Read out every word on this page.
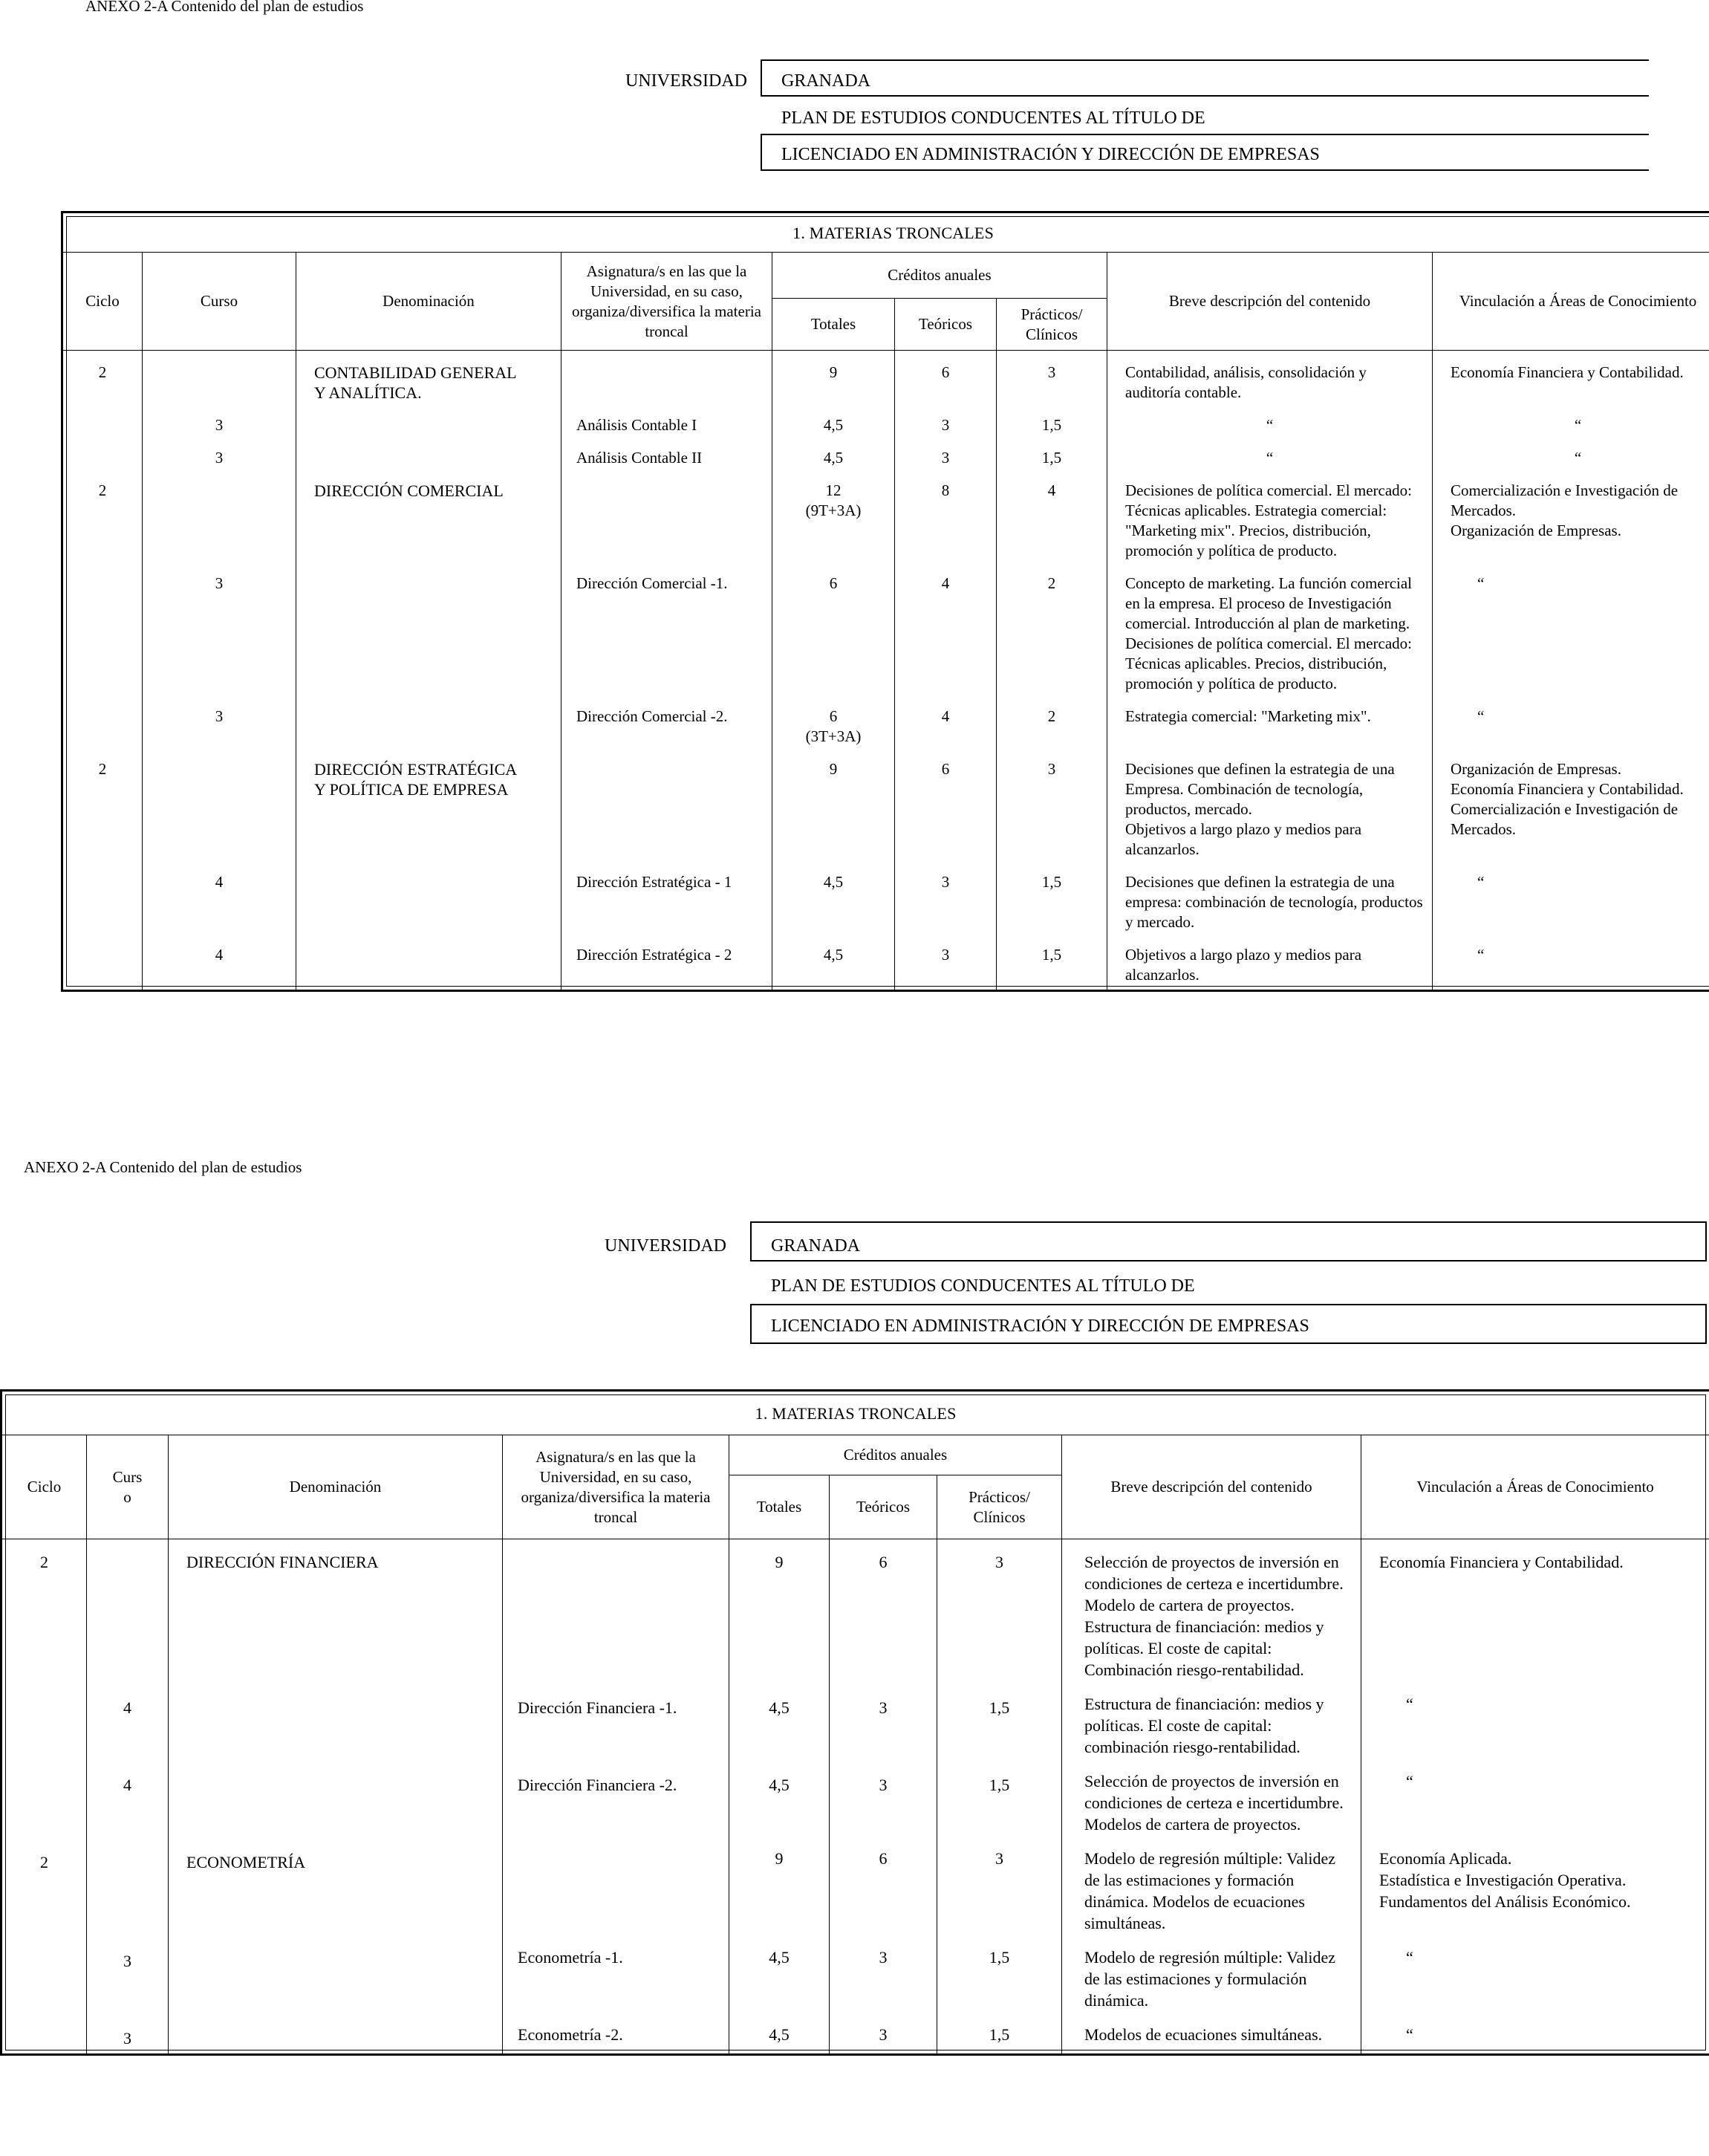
ANEXO 2-A Contenido del plan de estudios
UNIVERSIDAD GRANADA
PLAN DE ESTUDIOS CONDUCENTES AL TÍTULO DE
LICENCIADO EN ADMINISTRACIÓN Y DIRECCIÓN DE EMPRESAS
1. MATERIAS TRONCALES								
Ciclo	Curso	Denominación	Asignatura/s en las que la Universidad, en su caso, organiza/diversifica la materia troncal	Créditos anuales			Breve descripción del contenido	Vinculación a Áreas de Conocimiento
				Totales	Teóricos	Prácticos/
Clínicos		
2		CONTABILIDAD GENERAL
Y ANALÍTICA.		9	6	3	Contabilidad, análisis, consolidación y auditoría contable.	Economía Financiera y Contabilidad.
	3		Análisis Contable I	4,5	3	1,5	“	“
	3		Análisis Contable II	4,5	3	1,5	“	“
2		DIRECCIÓN COMERCIAL		12
(9T+3A)	8	4	Decisiones de política comercial. El mercado: Técnicas aplicables. Estrategia comercial: "Marketing mix". Precios, distribución, promoción y política de producto.	Comercialización e Investigación de Mercados.
Organización de Empresas.
	3		Dirección Comercial -1.	6	4	2	Concepto de marketing. La función comercial en la empresa. El proceso de Investigación comercial. Introducción al plan de marketing. Decisiones de política comercial. El mercado: Técnicas aplicables. Precios, distribución, promoción y política de producto.	“
	3		Dirección Comercial -2.	6
(3T+3A)	4	2	Estrategia comercial: "Marketing mix".	“
2		DIRECCIÓN ESTRATÉGICA
Y POLÍTICA DE EMPRESA		9	6	3	Decisiones que definen la estrategia de una Empresa. Combinación de tecnología, productos, mercado.
Objetivos a largo plazo y medios para alcanzarlos.	Organización de Empresas.
Economía Financiera y Contabilidad.
Comercialización e Investigación de Mercados.
	4		Dirección Estratégica - 1	4,5	3	1,5	Decisiones que definen la estrategia de una empresa: combinación de tecnología, productos y mercado.	“
	4		Dirección Estratégica - 2	4,5	3	1,5	Objetivos a largo plazo y medios para alcanzarlos.	“
ANEXO 2-A Contenido del plan de estudios
UNIVERSIDAD	GRANADA
PLAN DE ESTUDIOS CONDUCENTES AL TÍTULO DE
LICENCIADO EN ADMINISTRACIÓN Y DIRECCIÓN DE EMPRESAS
1. MATERIAS TRONCALES								
Ciclo	Curs
o	Denominación	Asignatura/s en las que la Universidad, en su caso, organiza/diversifica la materia troncal	Créditos anuales			Breve descripción del contenido	Vinculación a Áreas de Conocimiento
				Totales	Teóricos	Prácticos/
Clínicos		
2		DIRECCIÓN FINANCIERA		9	6	3	Selección de proyectos de inversión en condiciones de certeza e incertidumbre. Modelo de cartera de proyectos. Estructura de financiación: medios y políticas. El coste de capital: Combinación riesgo-rentabilidad.	Economía Financiera y Contabilidad.
	4		Dirección Financiera -1.	4,5	3	1,5	Estructura de financiación: medios y políticas. El coste de capital: combinación riesgo-rentabilidad.	“
	4		Dirección Financiera -2.	4,5	3	1,5	Selección de proyectos de inversión en condiciones de certeza e incertidumbre. Modelos de cartera de proyectos.	“
2		ECONOMETRÍA		9	6	3	Modelo de regresión múltiple: Validez de las estimaciones y formación dinámica. Modelos de ecuaciones simultáneas.	Economía Aplicada.
Estadística e Investigación Operativa.
Fundamentos del Análisis Económico.
	3		Econometría -1.	4,5	3	1,5	Modelo de regresión múltiple: Validez de las estimaciones y formulación dinámica.	“
	3		Econometría -2.	4,5	3	1,5	Modelos de ecuaciones simultáneas.	“
